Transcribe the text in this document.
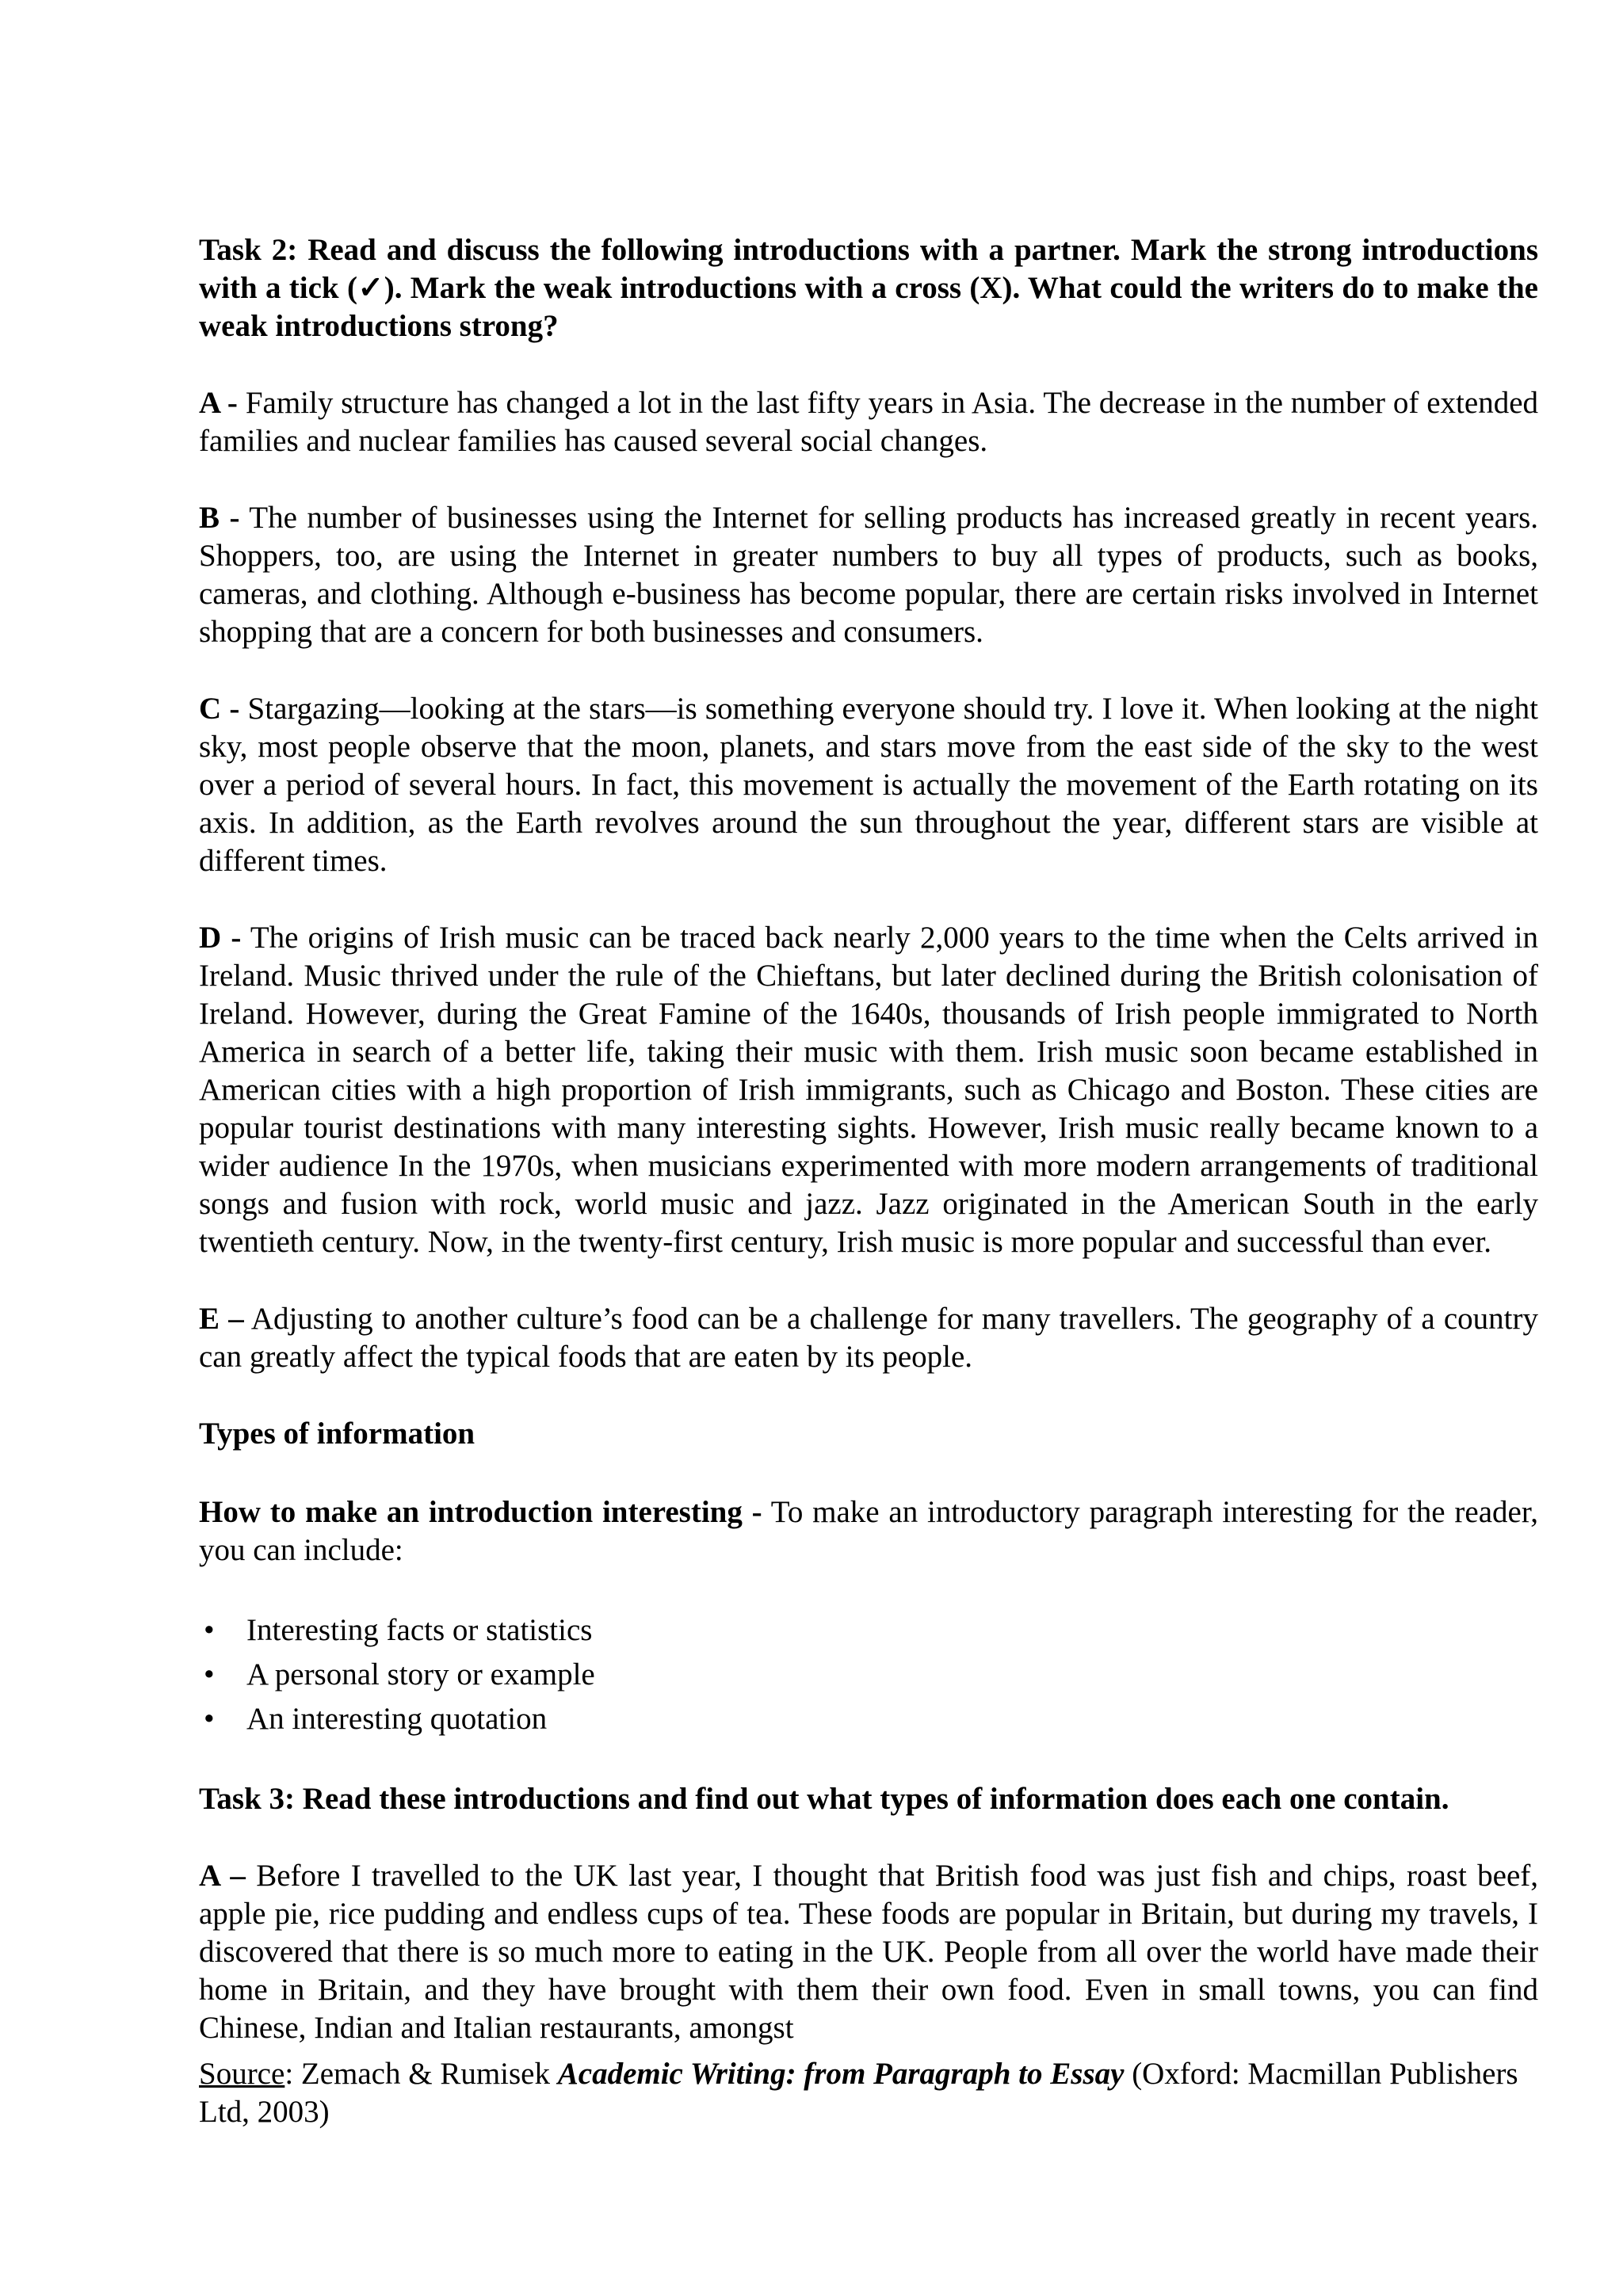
Task 2: Read and discuss the following introductions with a partner. Mark the strong introductions with a tick (✓). Mark the weak introductions with a cross (X). What could the writers do to make the weak introductions strong?

A - Family structure has changed a lot in the last fifty years in Asia. The decrease in the number of extended families and nuclear families has caused several social changes.

B - The number of businesses using the Internet for selling products has increased greatly in recent years. Shoppers, too, are using the Internet in greater numbers to buy all types of products, such as books, cameras, and clothing. Although e-business has become popular, there are certain risks involved in Internet shopping that are a concern for both businesses and consumers.

C - Stargazing—looking at the stars—is something everyone should try. I love it. When looking at the night sky, most people observe that the moon, planets, and stars move from the east side of the sky to the west over a period of several hours. In fact, this movement is actually the movement of the Earth rotating on its axis. In addition, as the Earth revolves around the sun throughout the year, different stars are visible at different times.

D - The origins of Irish music can be traced back nearly 2,000 years to the time when the Celts arrived in Ireland. Music thrived under the rule of the Chieftans, but later declined during the British colonisation of Ireland. However, during the Great Famine of the 1640s, thousands of Irish people immigrated to North America in search of a better life, taking their music with them. Irish music soon became established in American cities with a high proportion of Irish immigrants, such as Chicago and Boston. These cities are popular tourist destinations with many interesting sights. However, Irish music really became known to a wider audience In the 1970s, when musicians experimented with more modern arrangements of traditional songs and fusion with rock, world music and jazz. Jazz originated in the American South in the early twentieth century. Now, in the twenty-first century, Irish music is more popular and successful than ever.

E – Adjusting to another culture’s food can be a challenge for many travellers. The geography of a country can greatly affect the typical foods that are eaten by its people.

Types of information

How to make an introduction interesting - To make an introductory paragraph interesting for the reader, you can include:

• Interesting facts or statistics
• A personal story or example
• An interesting quotation

Task 3: Read these introductions and find out what types of information does each one contain.

A – Before I travelled to the UK last year, I thought that British food was just fish and chips, roast beef, apple pie, rice pudding and endless cups of tea. These foods are popular in Britain, but during my travels, I discovered that there is so much more to eating in the UK. People from all over the world have made their home in Britain, and they have brought with them their own food. Even in small towns, you can find Chinese, Indian and Italian restaurants, amongst

Source: Zemach & Rumisek Academic Writing: from Paragraph to Essay (Oxford: Macmillan Publishers Ltd, 2003)
